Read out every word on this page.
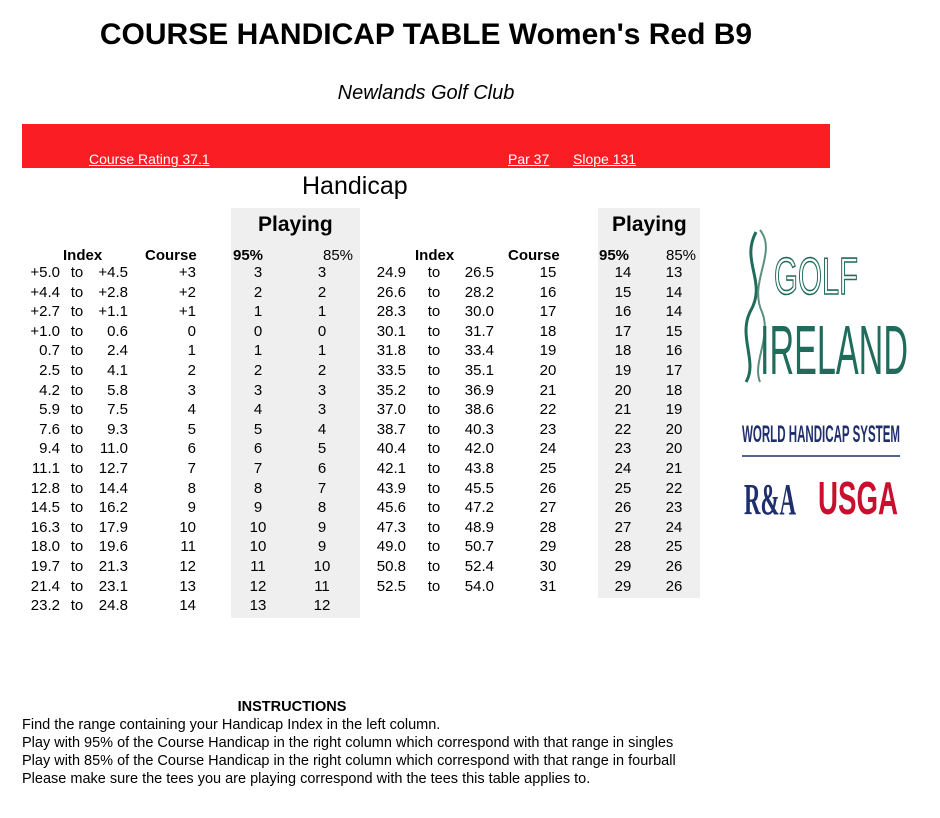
COURSE HANDICAP TABLE Women's Red B9
Newlands Golf Club
Course Rating 37.1	Par 37 Slope 131
Handicap
Playing	Playing
Index	Course 95%	85%	Index	Course	95% 85%
+5.0 to	+4.5	+3	3	3
+4.4 to	+2.8	+2	2	2
+2.7 to	+1.1	+1	1	1
+1.0 to	0.6	0	0	0
0.7 to	2.4	1	1	1
2.5 to	4.1	2	2	2
4.2 to	5.8	3	3	3
5.9 to	7.5	4	4	3
7.6 to	9.3	5	5	4
9.4 to	11.0	6	6	5
11.1 to	12.7	7	7	6
12.8 to	14.4	8	8	7
14.5 to	16.2	9	9	8
16.3 to	17.9	10	10	9
18.0 to	19.6	11	10	9
19.7 to	21.3	12	11	10
21.4 to	23.1	13	12	11
23.2 to	24.8	14	13	12
24.9	to	26.5	15	14	13
26.6	to	28.2	16	15	14
28.3	to	30.0	17	16	14
30.1	to	31.7	18	17	15
31.8	to	33.4	19	18	16
33.5	to	35.1	20	19	17
35.2	to	36.9	21	20	18
37.0	to	38.6	22	21	19
38.7	to	40.3	23	22	20
40.4	to	42.0	24	23	20
42.1	to	43.8	25	24	21
43.9	to	45.5	26	25	22
45.6	to	47.2	27	26	23
47.3	to	48.9	28	27	24
49.0	to	50.7	29	28	25
50.8	to	52.4	30	29	26
52.5	to	54.0	31	29	26
GOLF
IRELAND
WORLD HANDICAP SYSTEM
R&A USGA
INSTRUCTIONS
Find the range containing your Handicap Index in the left column.
Play with 95% of the Course Handicap in the right column which correspond with that range in singles
Play with 85% of the Course Handicap in the right column which correspond with that range in fourball
Please make sure the tees you are playing correspond with the tees this table applies to.
